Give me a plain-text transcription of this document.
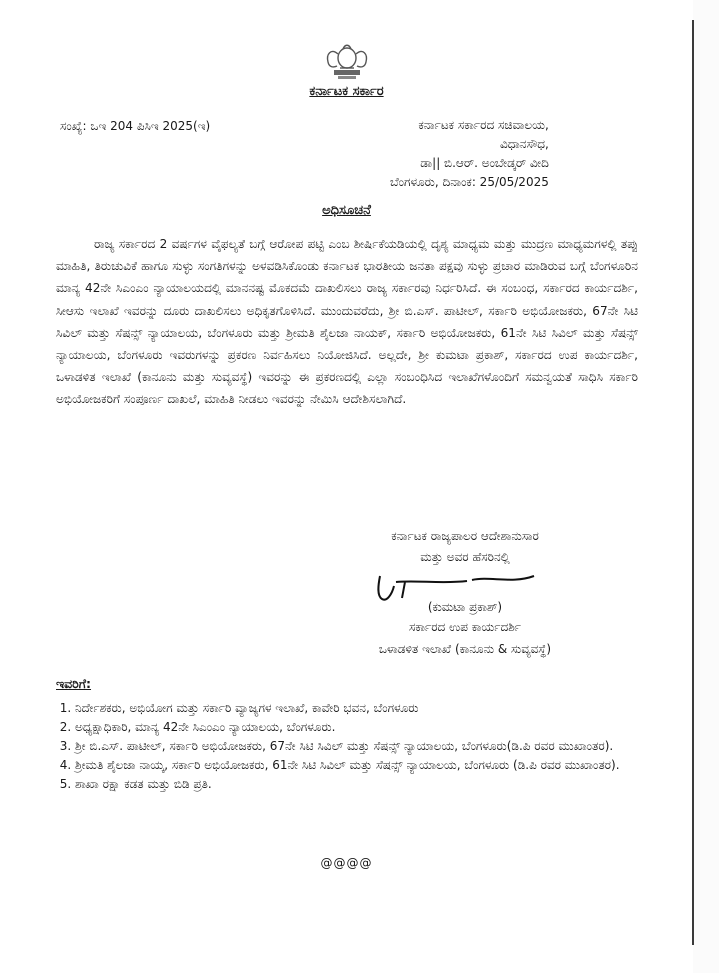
ಕರ್ನಾಟಕ ಸರ್ಕಾರ
ಸಂಖ್ಯೆ: ಒಇ 204 ಪಿಸಿಇ 2025(ಇ)	ಕರ್ನಾಟಕ ಸರ್ಕಾರದ ಸಚಿವಾಲಯ,
ವಿಧಾನಸೌಧ,
ಡಾ|| ಬಿ.ಆರ್. ಅಂಬೇಡ್ಕರ್ ವೀದಿ
ಬೆಂಗಳೂರು, ದಿನಾಂಕ: 25/05/2025
ಅಧಿಸೂಚನೆ
ರಾಜ್ಯ ಸರ್ಕಾರದ 2 ವರ್ಷಗಳ ವೈಫಲ್ಯತೆ ಬಗ್ಗೆ ಆರೋಪ ಪಟ್ಟಿ ಎಂಬ ಶೀರ್ಷಿಕೆಯಡಿಯಲ್ಲಿ ದೃಶ್ಯ ಮಾಧ್ಯಮ ಮತ್ತು ಮುದ್ರಣ ಮಾಧ್ಯಮಗಳಲ್ಲಿ ತಪ್ಪು ಮಾಹಿತಿ, ತಿರುಚುವಿಕೆ ಹಾಗೂ ಸುಳ್ಳು ಸಂಗತಿಗಳನ್ನು ಅಳವಡಿಸಿಕೊಂಡು ಕರ್ನಾಟಕ ಭಾರತೀಯ ಜನತಾ ಪಕ್ಷವು ಸುಳ್ಳು ಪ್ರಚಾರ ಮಾಡಿರುವ ಬಗ್ಗೆ ಬೆಂಗಳೂರಿನ ಮಾನ್ಯ 42ನೇ ಸಿಎಂಎಂ ನ್ಯಾಯಾಲಯದಲ್ಲಿ ಮಾನನಷ್ಟ ಮೊಕದಮೆ ದಾಖಲಿಸಲು ರಾಜ್ಯ ಸರ್ಕಾರವು ನಿರ್ಧರಿಸಿದೆ. ಈ ಸಂಬಂಧ, ಸರ್ಕಾರದ ಕಾರ್ಯದರ್ಶಿ, ಸೀಆಸು ಇಲಾಖೆ ಇವರನ್ನು ದೂರು ದಾಖಲಿಸಲು ಅಧಿಕೃತಗೊಳಿಸಿದೆ. ಮುಂದುವರೆದು, ಶ್ರೀ ಬಿ.ಎಸ್. ಪಾಟೀಲ್, ಸರ್ಕಾರಿ ಅಭಿಯೋಜಕರು, 67ನೇ ಸಿಟಿ ಸಿವಿಲ್ ಮತ್ತು ಸೆಷನ್ಸ್ ನ್ಯಾಯಾಲಯ, ಬೆಂಗಳೂರು ಮತ್ತು ಶ್ರೀಮತಿ ಶೈಲಜಾ ನಾಯಕ್, ಸರ್ಕಾರಿ ಅಭಿಯೋಜಕರು, 61ನೇ ಸಿಟಿ ಸಿವಿಲ್ ಮತ್ತು ಸೆಷನ್ಸ್ ನ್ಯಾಯಾಲಯ, ಬೆಂಗಳೂರು ಇವರುಗಳನ್ನು ಪ್ರಕರಣ ನಿರ್ವಹಿಸಲು ನಿಯೋಜಿಸಿದೆ. ಅಲ್ಲದೇ, ಶ್ರೀ ಕುಮಟಾ ಪ್ರಕಾಶ್, ಸರ್ಕಾರದ ಉಪ ಕಾರ್ಯದರ್ಶಿ, ಒಳಾಡಳಿತ ಇಲಾಖೆ (ಕಾನೂನು ಮತ್ತು ಸುವ್ಯವಸ್ಥೆ) ಇವರನ್ನು ಈ ಪ್ರಕರಣದಲ್ಲಿ ಎಲ್ಲಾ ಸಂಬಂಧಿಸಿದ ಇಲಾಖೆಗಳೊಂದಿಗೆ ಸಮನ್ವಯತೆ ಸಾಧಿಸಿ ಸರ್ಕಾರಿ ಅಭಿಯೋಜಕರಿಗೆ ಸಂಪೂರ್ಣ ದಾಖಲೆ, ಮಾಹಿತಿ ನೀಡಲು ಇವರನ್ನು ನೇಮಿಸಿ ಆದೇಶಿಸಲಾಗಿದೆ.
ಕರ್ನಾಟಕ ರಾಜ್ಯಪಾಲರ ಆದೇಶಾನುಸಾರ
ಮತ್ತು ಅವರ ಹೆಸರಿನಲ್ಲಿ
(ಕುಮಟಾ ಪ್ರಕಾಶ್)
ಸರ್ಕಾರದ ಉಪ ಕಾರ್ಯದರ್ಶಿ
ಒಳಾಡಳಿತ ಇಲಾಖೆ (ಕಾನೂನು & ಸುವ್ಯವಸ್ಥೆ)
ಇವರಿಗೆ:
1. ನಿರ್ದೇಶಕರು, ಅಭಿಯೋಗ ಮತ್ತು ಸರ್ಕಾರಿ ವ್ಯಾಜ್ಯಗಳ ಇಲಾಖೆ, ಕಾವೇರಿ ಭವನ, ಬೆಂಗಳೂರು
2. ಅಧ್ಯಕ್ಷಾಧಿಕಾರಿ, ಮಾನ್ಯ 42ನೇ ಸಿಎಂಎಂ ನ್ಯಾಯಾಲಯ, ಬೆಂಗಳೂರು.
3. ಶ್ರೀ ಬಿ.ಎಸ್. ಪಾಟೀಲ್, ಸರ್ಕಾರಿ ಅಭಿಯೋಜಕರು, 67ನೇ ಸಿಟಿ ಸಿವಿಲ್ ಮತ್ತು ಸೆಷನ್ಸ್ ನ್ಯಾಯಾಲಯ, ಬೆಂಗಳೂರು(ಡಿ.ಪಿ ರವರ ಮುಖಾಂತರ).
4. ಶ್ರೀಮತಿ ಶೈಲಜಾ ನಾಯ್ಕ, ಸರ್ಕಾರಿ ಅಭಿಯೋಜಕರು, 61ನೇ ಸಿಟಿ ಸಿವಿಲ್ ಮತ್ತು ಸೆಷನ್ಸ್ ನ್ಯಾಯಾಲಯ, ಬೆಂಗಳೂರು (ಡಿ.ಪಿ ರವರ ಮುಖಾಂತರ).
5. ಶಾಖಾ ರಕ್ಷಾ ಕಡತ ಮತ್ತು ಬಿಡಿ ಪ್ರತಿ.
@@@@
